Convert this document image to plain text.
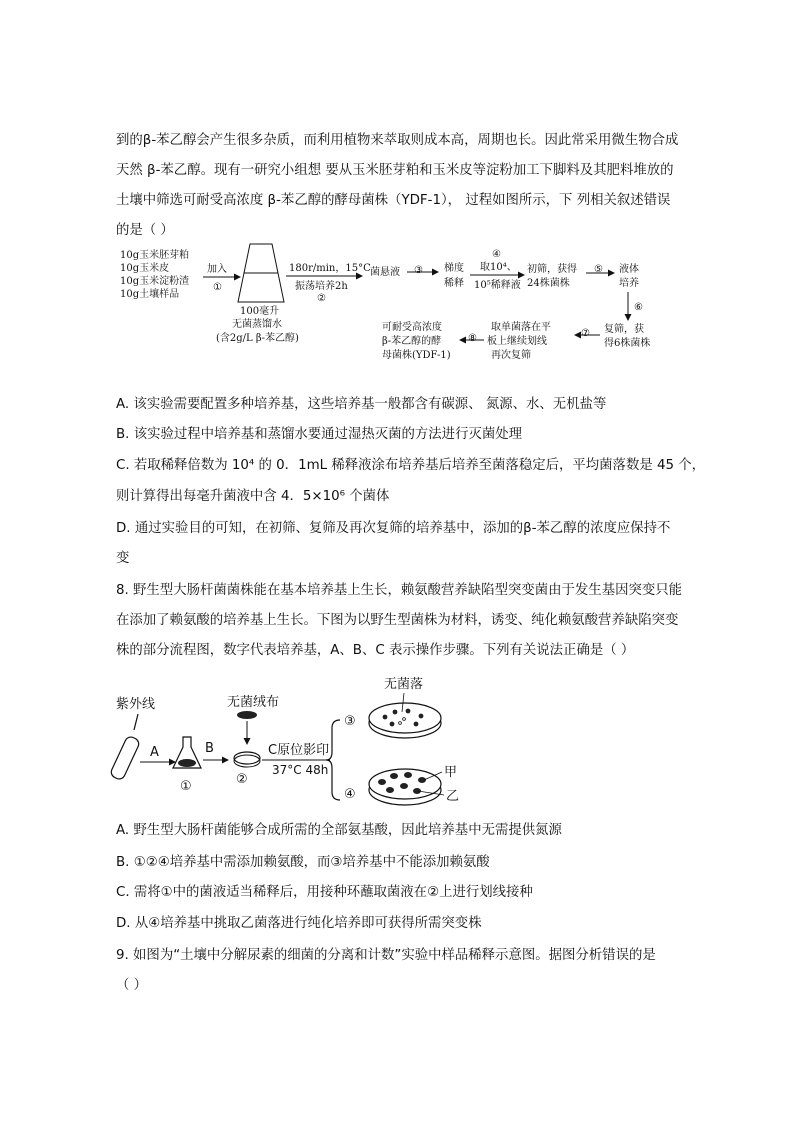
到的β-苯乙醇会产生很多杂质，而利用植物来萃取则成本高，周期也长。因此常采用微生物合成
天然 β-苯乙醇。现有一研究小组想 要从玉米胚芽粕和玉米皮等淀粉加工下脚料及其肥料堆放的
土壤中筛选可耐受高浓度 β-苯乙醇的酵母菌株（YDF-1）， 过程如图所示，下 列相关叙述错误
的是（ ）
10g玉米胚芽粕
10g玉米皮
10g玉米淀粉渣
10g土壤样品
加入
①
100毫升
无菌蒸馏水
(含2g/L β-苯乙醇)
180r/min，15°C
振荡培养2h
②
菌悬液 ③ 梯度
稀释
④
取10⁴、
10⁵稀释液
初筛，获得
24株菌株
⑤ 液体
培养
⑥
复筛，获
得6株菌株
⑦
取单菌落在平
板上继续划线
再次复筛
⑧
可耐受高浓度
β-苯乙醇的酵
母菌株(YDF-1)
A. 该实验需要配置多种培养基，这些培养基一般都含有碳源、 氮源、水、无机盐等
B. 该实验过程中培养基和蒸馏水要通过湿热灭菌的方法进行灭菌处理
C. 若取稀释倍数为 10⁴ 的 0．1mL 稀释液涂布培养基后培养至菌落稳定后，平均菌落数是 45 个，
则计算得出每毫升菌液中含 4．5×10⁶ 个菌体
D. 通过实验目的可知，在初筛、复筛及再次复筛的培养基中，添加的β-苯乙醇的浓度应保持不
变
8. 野生型大肠杆菌菌株能在基本培养基上生长，赖氨酸营养缺陷型突变菌由于发生基因突变只能
在添加了赖氨酸的培养基上生长。下图为以野生型菌株为材料，诱变、纯化赖氨酸营养缺陷突变
株的部分流程图，数字代表培养基，A、B、C 表示操作步骤。下列有关说法正确是（ ）
紫外线
A
①
B
无菌绒布
②
C原位影印
37°C 48h
③
④
无菌落
甲
乙
A. 野生型大肠杆菌能够合成所需的全部氨基酸，因此培养基中无需提供氮源
B. ①②④培养基中需添加赖氨酸，而③培养基中不能添加赖氨酸
C. 需将①中的菌液适当稀释后，用接种环蘸取菌液在②上进行划线接种
D. 从④培养基中挑取乙菌落进行纯化培养即可获得所需突变株
9. 如图为“土壤中分解尿素的细菌的分离和计数”实验中样品稀释示意图。据图分析错误的是
（ ）
